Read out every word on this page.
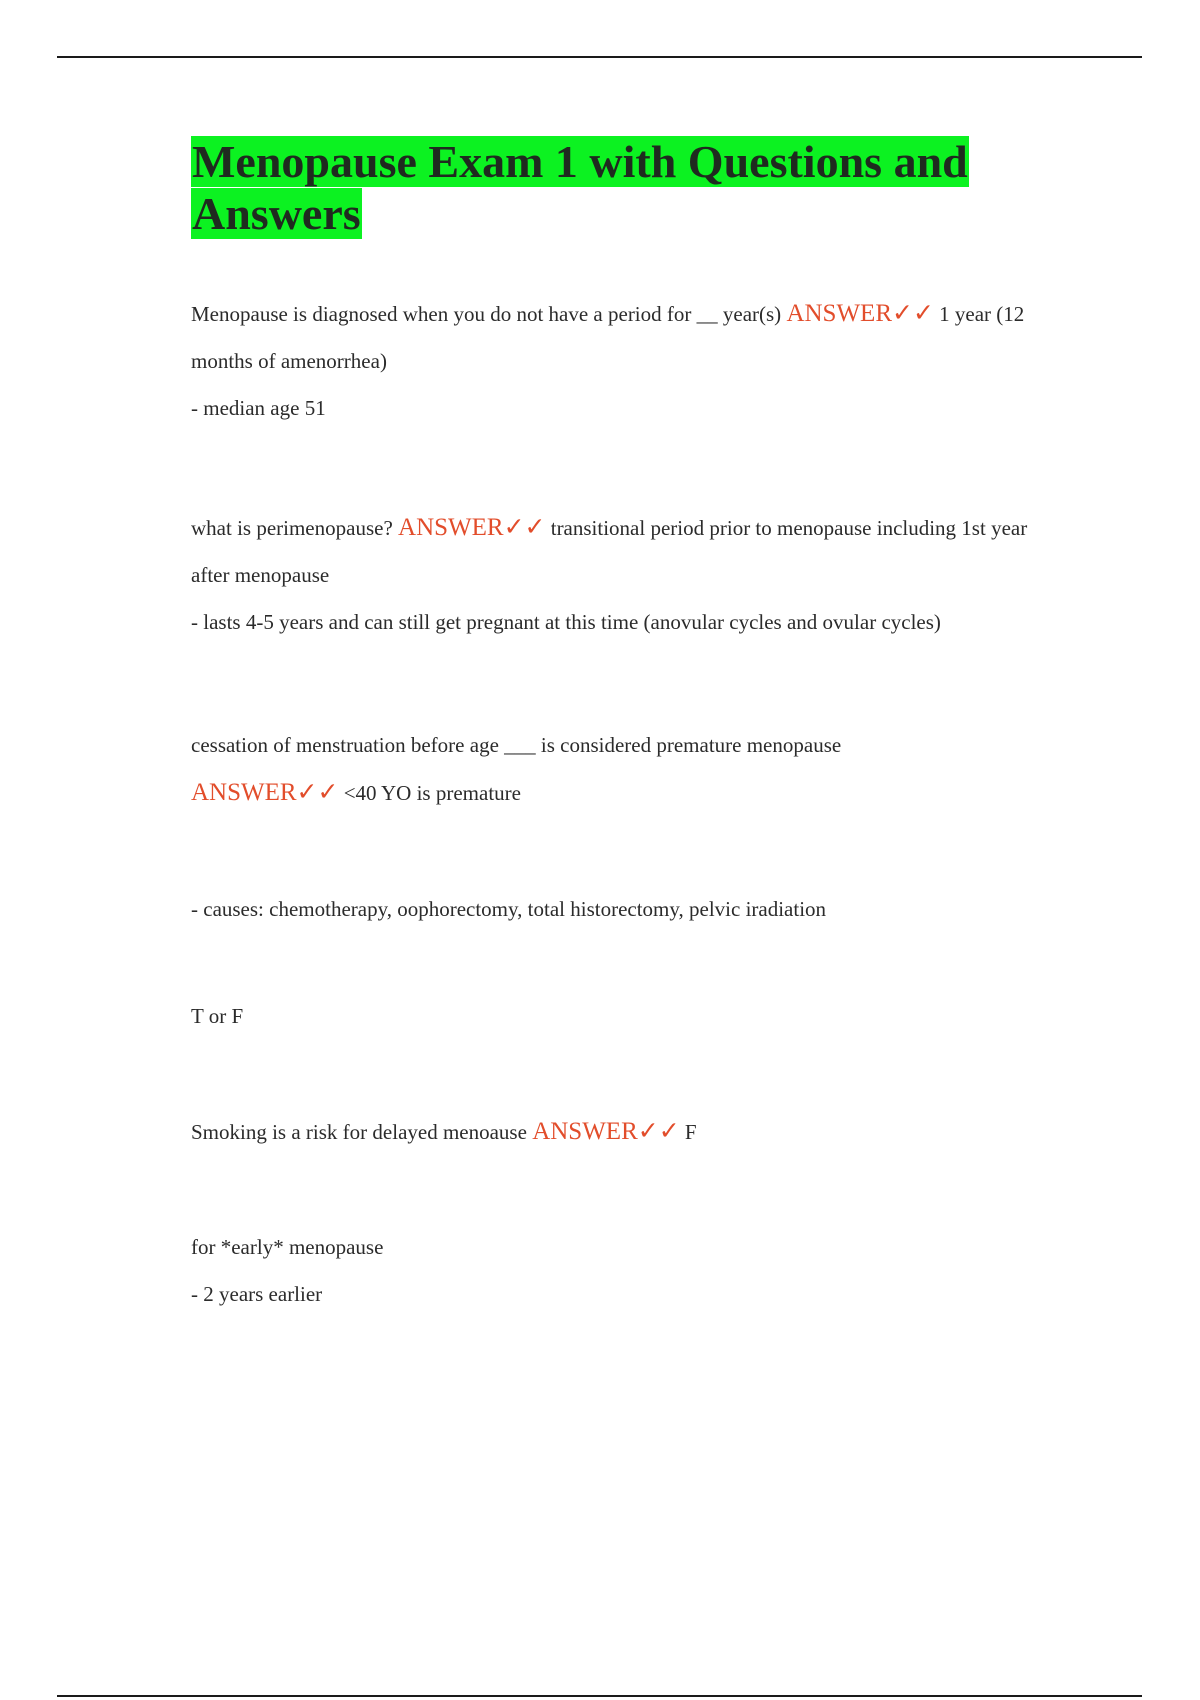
Menopause Exam 1 with Questions and Answers

Menopause is diagnosed when you do not have a period for __ year(s) ANSWER✓✓ 1 year (12 months of amenorrhea)

- median age 51

what is perimenopause? ANSWER✓✓ transitional period prior to menopause including 1st year after menopause

- lasts 4-5 years and can still get pregnant at this time (anovular cycles and ovular cycles)

cessation of menstruation before age ___ is considered premature menopause
ANSWER✓✓ <40 YO is premature

- causes: chemotherapy, oophorectomy, total historectomy, pelvic iradiation

T or F

Smoking is a risk for delayed menoause ANSWER✓✓ F

for *early* menopause

- 2 years earlier
